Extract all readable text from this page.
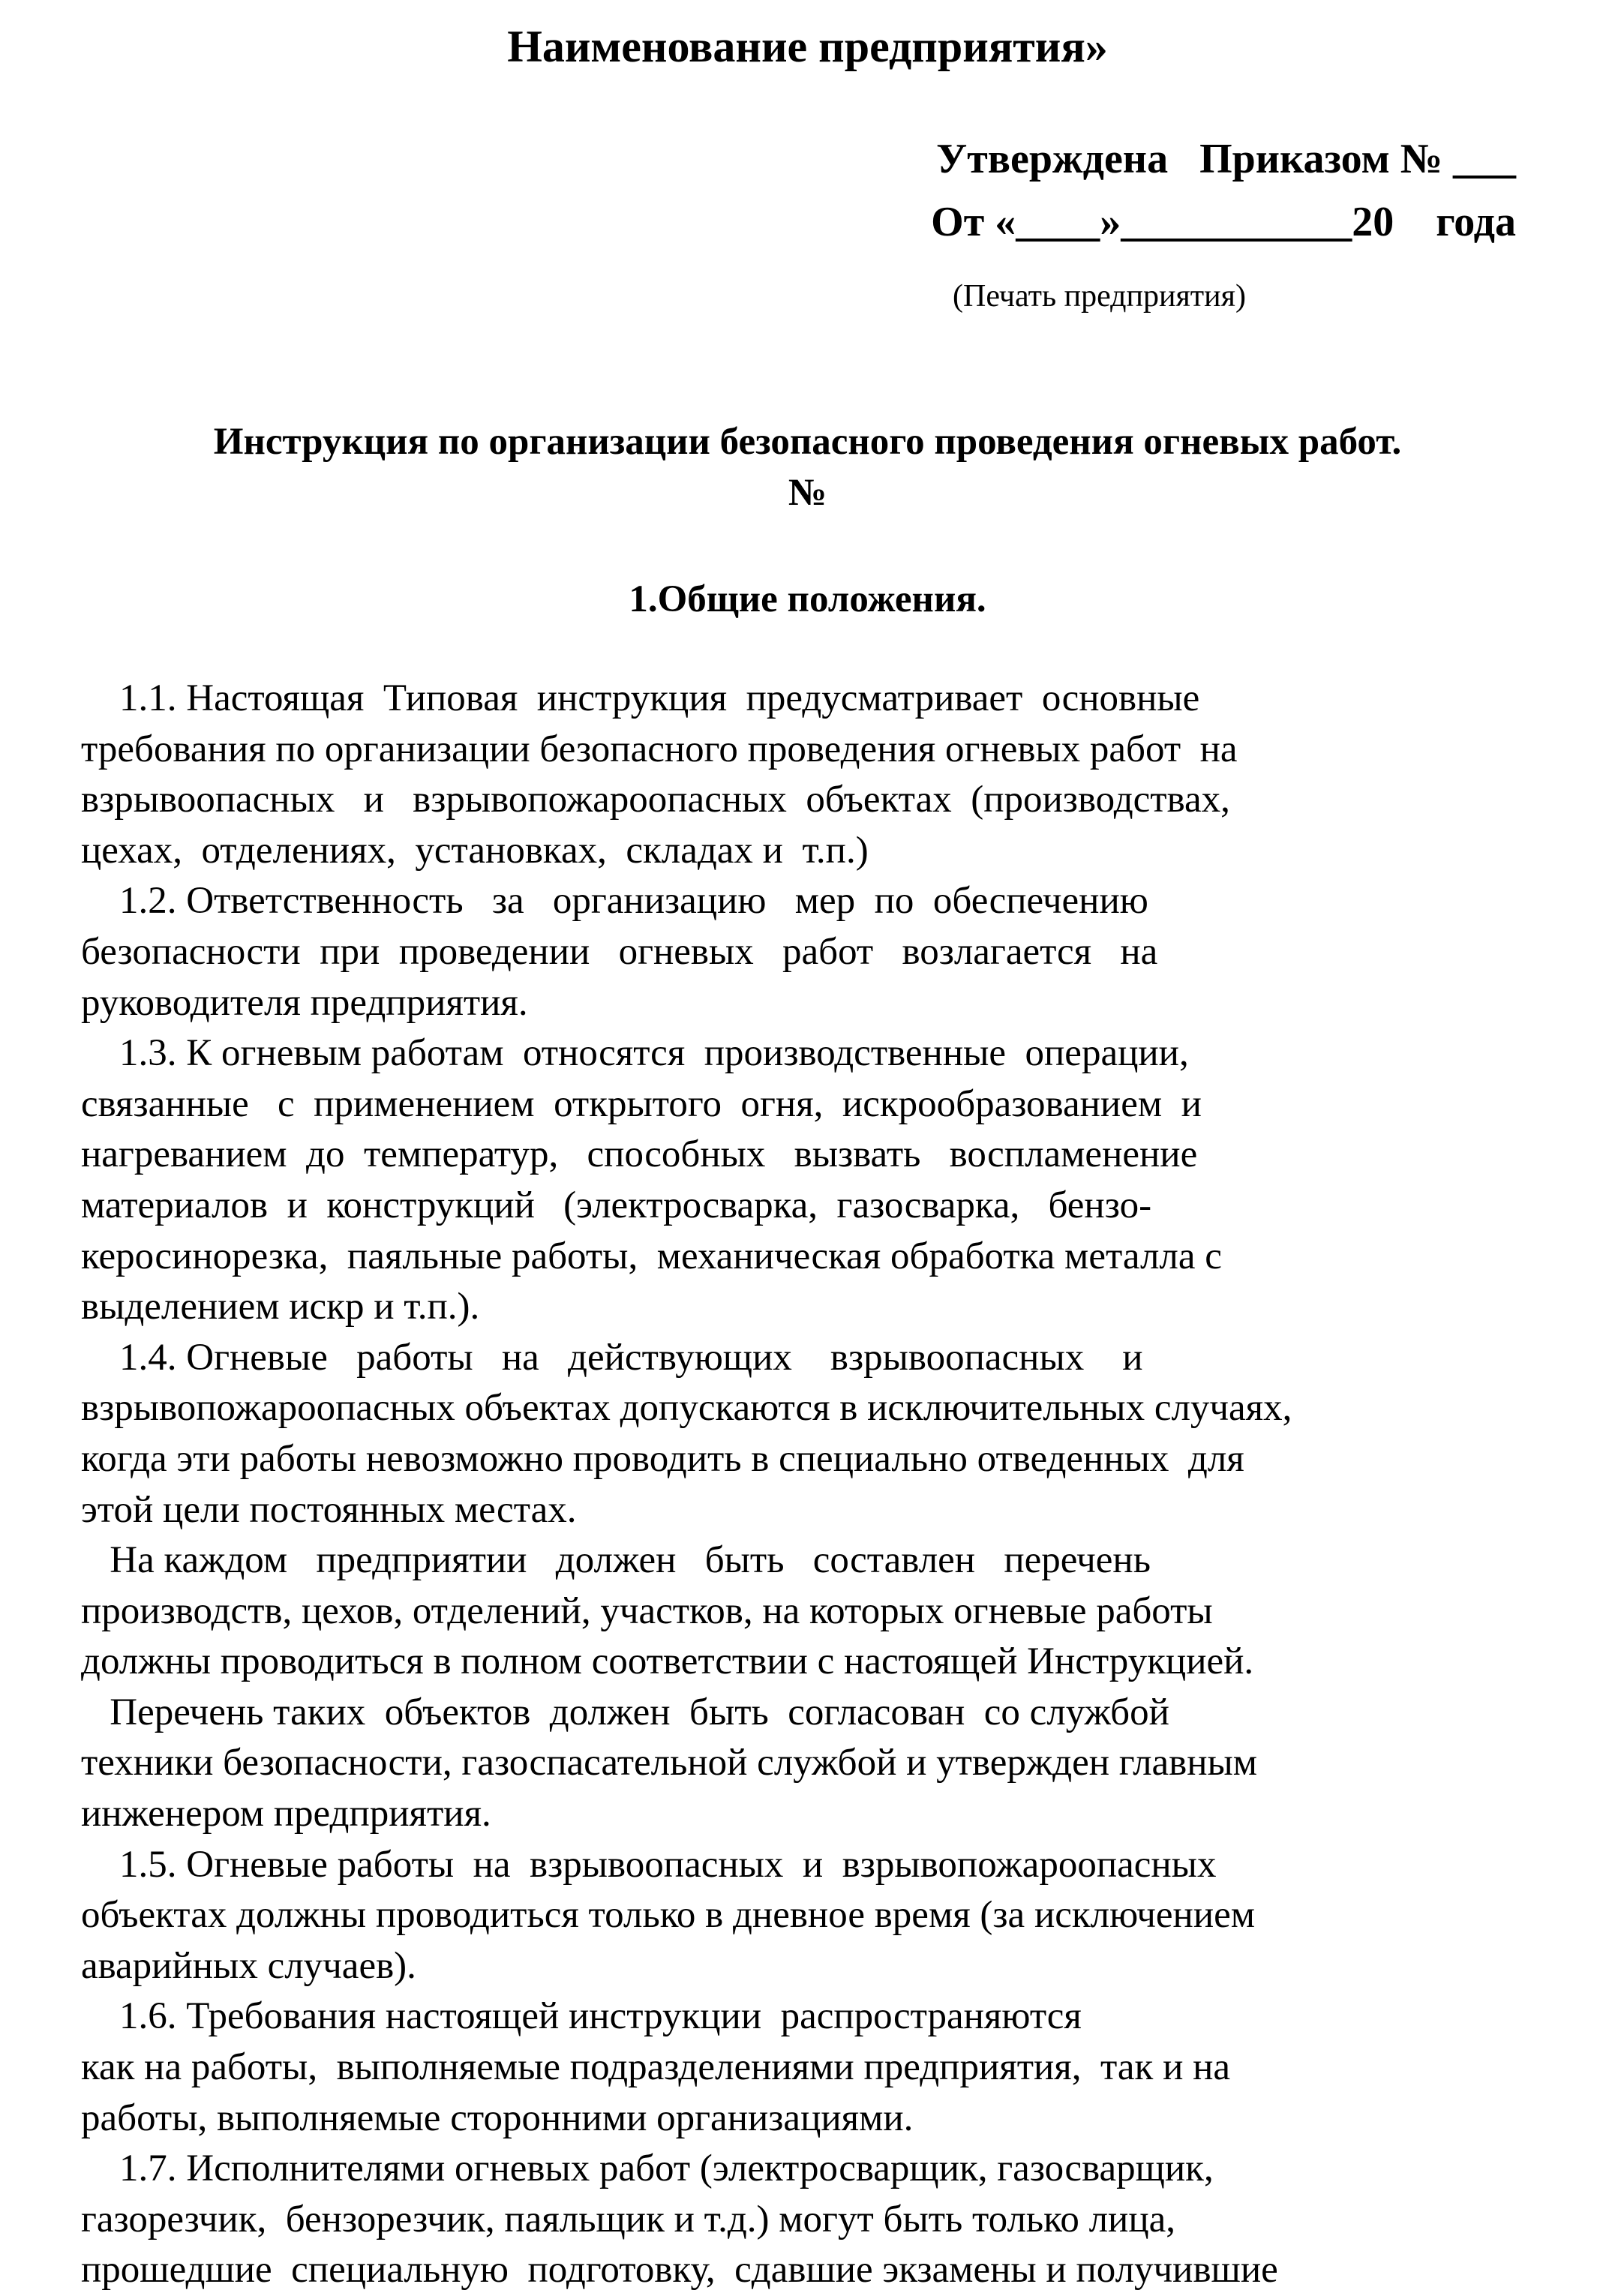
Наименование предприятия»
Утверждена   Приказом № ___
От «____»___________20    года
(Печать предприятия)
Инструкция по организации безопасного проведения огневых работ.
№
1.Общие положения.
1.1. Настоящая  Типовая  инструкция  предусматривает  основные
требования по организации безопасного проведения огневых работ  на
взрывоопасных   и   взрывопожароопасных  объектах  (производствах,
цехах,  отделениях,  установках,  складах и  т.п.)
1.2. Ответственность   за   организацию   мер  по  обеспечению
безопасности  при  проведении   огневых   работ   возлагается   на
руководителя предприятия.
1.3. К огневым работам  относятся  производственные  операции,
связанные   с  применением  открытого  огня,  искрообразованием  и
нагреванием  до  температур,   способных   вызвать   воспламенение
материалов  и  конструкций   (электросварка,  газосварка,   бензо-
керосинорезка,  паяльные работы,  механическая обработка металла с
выделением искр и т.п.).
1.4. Огневые   работы   на   действующих    взрывоопасных    и
взрывопожароопасных объектах допускаются в исключительных случаях,
когда эти работы невозможно проводить в специально отведенных  для
этой цели постоянных местах.
На каждом   предприятии   должен   быть   составлен   перечень
производств, цехов, отделений, участков, на которых огневые работы
должны проводиться в полном соответствии с настоящей Инструкцией.
Перечень таких  объектов  должен  быть  согласован  со службой
техники безопасности, газоспасательной службой и утвержден главным
инженером предприятия.
1.5. Огневые работы  на  взрывоопасных  и  взрывопожароопасных
объектах должны проводиться только в дневное время (за исключением
аварийных случаев).
1.6. Требования настоящей инструкции  распространяются
как на работы,  выполняемые подразделениями предприятия,  так и на
работы, выполняемые сторонними организациями.
1.7. Исполнителями огневых работ (электросварщик, газосварщик,
газорезчик,  бензорезчик, паяльщик и т.д.) могут быть только лица,
прошедшие  специальную  подготовку,  сдавшие экзамены и получившие
